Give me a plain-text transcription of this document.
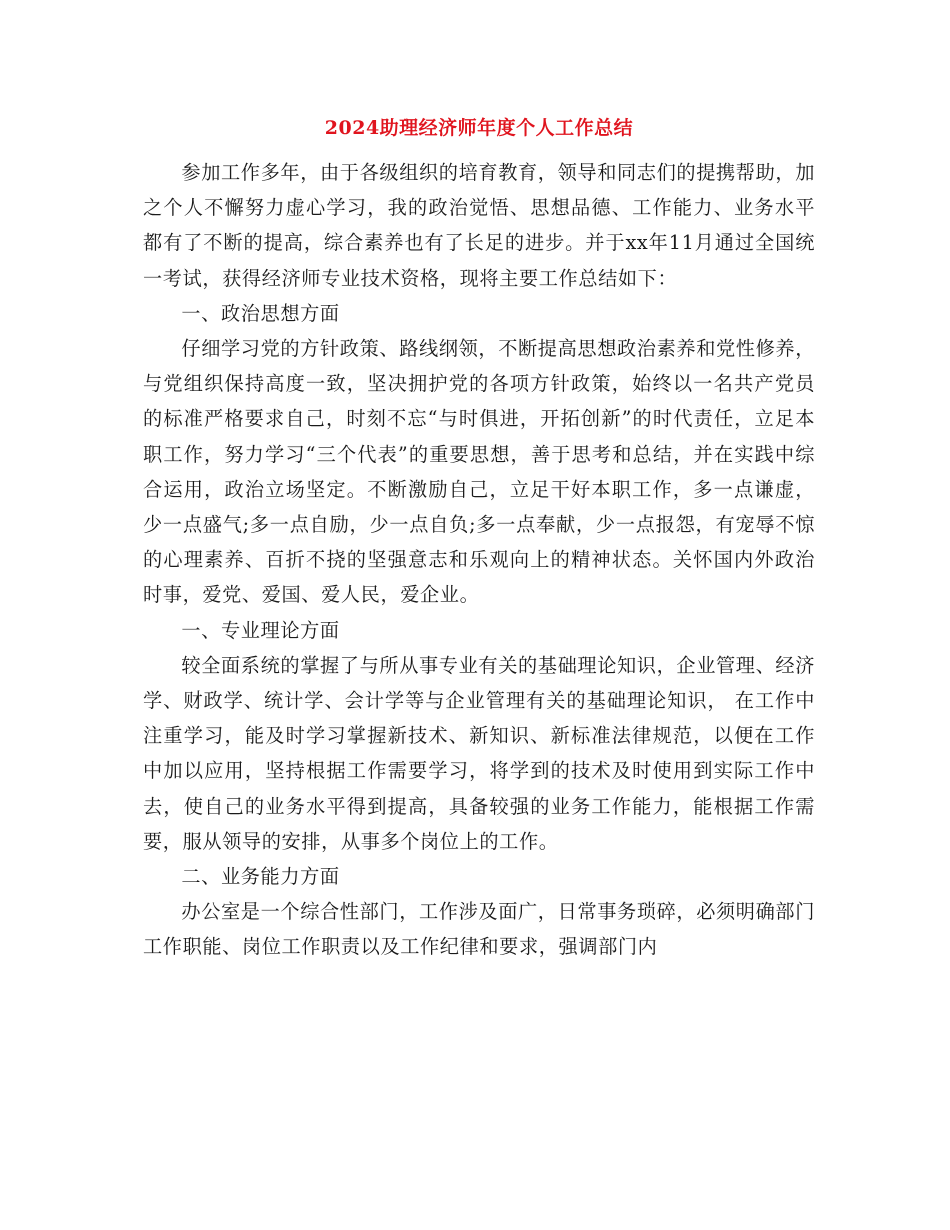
2024助理经济师年度个人工作总结

参加工作多年，由于各级组织的培育教育，领导和同志们的提携帮助，加之个人不懈努力虚心学习，我的政治觉悟、思想品德、工作能力、业务水平都有了不断的提高，综合素养也有了长足的进步。并于xx年11月通过全国统一考试，获得经济师专业技术资格，现将主要工作总结如下：

一、政治思想方面

仔细学习党的方针政策、路线纲领，不断提高思想政治素养和党性修养，与党组织保持高度一致，坚决拥护党的各项方针政策，始终以一名共产党员的标准严格要求自己，时刻不忘“与时俱进，开拓创新”的时代责任，立足本职工作，努力学习“三个代表”的重要思想，善于思考和总结，并在实践中综合运用，政治立场坚定。不断激励自己，立足干好本职工作，多一点谦虚，少一点盛气;多一点自励，少一点自负;多一点奉献，少一点报怨，有宠辱不惊的心理素养、百折不挠的坚强意志和乐观向上的精神状态。关怀国内外政治时事，爱党、爱国、爱人民，爱企业。

一、专业理论方面

较全面系统的掌握了与所从事专业有关的基础理论知识，企业管理、经济学、财政学、统计学、会计学等与企业管理有关的基础理论知识， 在工作中注重学习，能及时学习掌握新技术、新知识、新标准法律规范，以便在工作中加以应用，坚持根据工作需要学习，将学到的技术及时使用到实际工作中去，使自己的业务水平得到提高，具备较强的业务工作能力，能根据工作需要，服从领导的安排，从事多个岗位上的工作。

二、业务能力方面

办公室是一个综合性部门，工作涉及面广，日常事务琐碎，必须明确部门工作职能、岗位工作职责以及工作纪律和要求，强调部门内
